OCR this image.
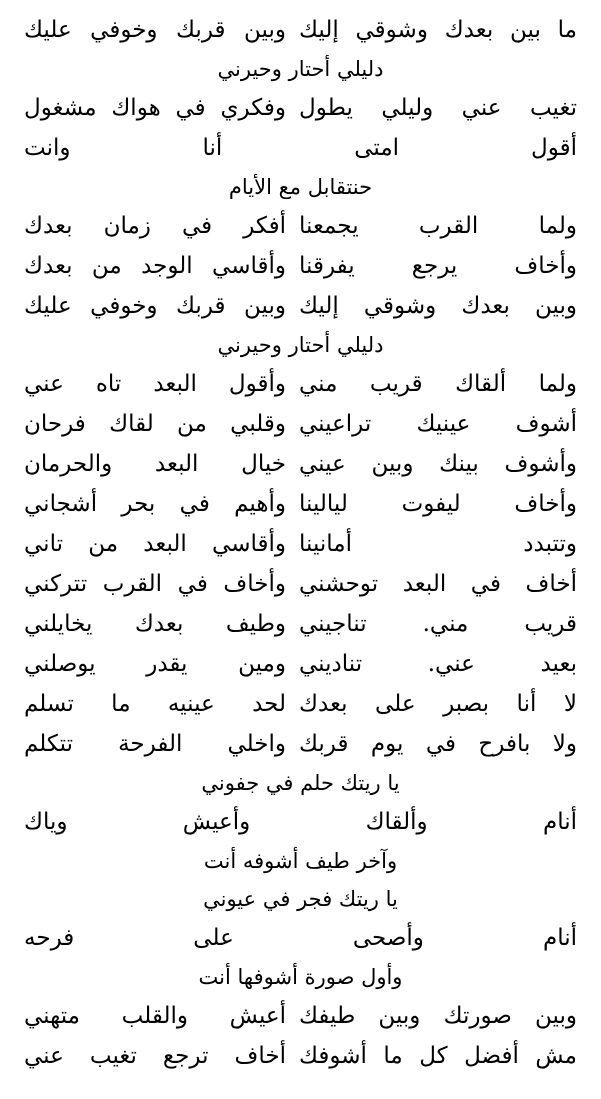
ما بين بعدك وشوقي إليك
وبين قربك وخوفي عليك
دليلي أحتار وحيرني
تغيب عني وليلي يطول
وفكري في هواك مشغول
أقول
امتى
أنا
وانت
حنتقابل مع الأيام
ولما القرب يجمعنا
أفكر في زمان بعدك
وأخاف يرجع يفرقنا
وأقاسي الوجد من بعدك
وبين بعدك وشوقي إليك
وبين قربك وخوفي عليك
دليلي أحتار وحيرني
ولما ألقاك قريب مني
وأقول البعد تاه عني
أشوف عينيك تراعيني
وقلبي من لقاك فرحان
وأشوف بينك وبين عيني
خيال البعد والحرمان
وأخاف ليفوت ليالينا
وأهيم في بحر أشجاني
وتتبدد أمانينا
وأقاسي البعد من تاني
أخاف في البعد توحشني
وأخاف في القرب تتركني
قريب مني. تناجيني
وطيف بعدك يخايلني
بعيد عني. تناديني
ومين يقدر يوصلني
لا أنا بصبر على بعدك
لحد عينيه ما تسلم
ولا بافرح في يوم قربك
واخلي الفرحة تتكلم
يا ريتك حلم في جفوني
أنام
وألقاك
وأعيش
وياك
وآخر طيف أشوفه أنت
يا ريتك فجر في عيوني
أنام
وأصحى
على
فرحه
وأول صورة أشوفها أنت
وبين صورتك وبين طيفك
أعيش والقلب متهني
مش أفضل كل ما أشوفك
أخاف ترجع تغيب عني
